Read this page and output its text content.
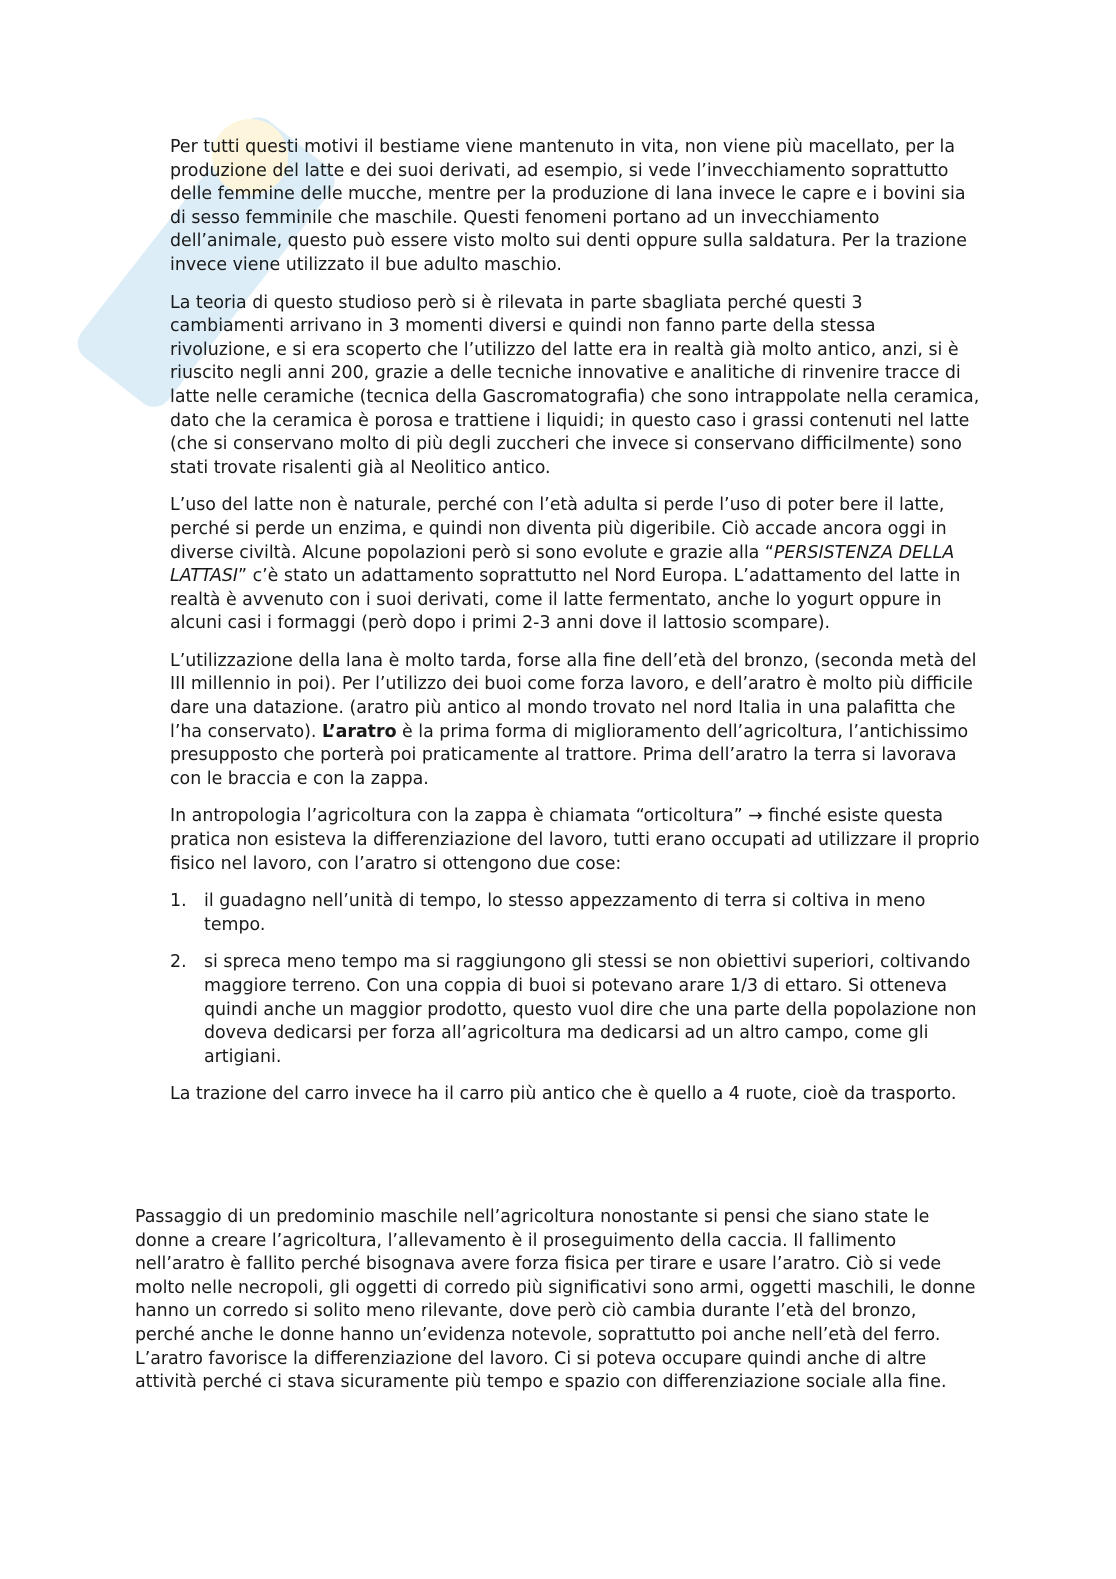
Per tutti questi motivi il bestiame viene mantenuto in vita, non viene più macellato, per la produzione del latte e dei suoi derivati, ad esempio, si vede l’invecchiamento soprattutto delle femmine delle mucche, mentre per la produzione di lana invece le capre e i bovini sia di sesso femminile che maschile. Questi fenomeni portano ad un invecchiamento dell’animale, questo può essere visto molto sui denti oppure sulla saldatura. Per la trazione invece viene utilizzato il bue adulto maschio.

La teoria di questo studioso però si è rilevata in parte sbagliata perché questi 3 cambiamenti arrivano in 3 momenti diversi e quindi non fanno parte della stessa rivoluzione, e si era scoperto che l’utilizzo del latte era in realtà già molto antico, anzi, si è riuscito negli anni 200, grazie a delle tecniche innovative e analitiche di rinvenire tracce di latte nelle ceramiche (tecnica della Gascromatografia) che sono intrappolate nella ceramica, dato che la ceramica è porosa e trattiene i liquidi; in questo caso i grassi contenuti nel latte (che si conservano molto di più degli zuccheri che invece si conservano difficilmente) sono stati trovate risalenti già al Neolitico antico.

L’uso del latte non è naturale, perché con l’età adulta si perde l’uso di poter bere il latte, perché si perde un enzima, e quindi non diventa più digeribile. Ciò accade ancora oggi in diverse civiltà. Alcune popolazioni però si sono evolute e grazie alla “PERSISTENZA DELLA LATTASI” c’è stato un adattamento soprattutto nel Nord Europa. L’adattamento del latte in realtà è avvenuto con i suoi derivati, come il latte fermentato, anche lo yogurt oppure in alcuni casi i formaggi (però dopo i primi 2-3 anni dove il lattosio scompare).

L’utilizzazione della lana è molto tarda, forse alla fine dell’età del bronzo, (seconda metà del III millennio in poi). Per l’utilizzo dei buoi come forza lavoro, e dell’aratro è molto più difficile dare una datazione. (aratro più antico al mondo trovato nel nord Italia in una palafitta che l’ha conservato). L’aratro è la prima forma di miglioramento dell’agricoltura, l’antichissimo presupposto che porterà poi praticamente al trattore. Prima dell’aratro la terra si lavorava con le braccia e con la zappa.

In antropologia l’agricoltura con la zappa è chiamata “orticoltura” → finché esiste questa pratica non esisteva la differenziazione del lavoro, tutti erano occupati ad utilizzare il proprio fisico nel lavoro, con l’aratro si ottengono due cose:

1. il guadagno nell’unità di tempo, lo stesso appezzamento di terra si coltiva in meno tempo.
2. si spreca meno tempo ma si raggiungono gli stessi se non obiettivi superiori, coltivando maggiore terreno. Con una coppia di buoi si potevano arare 1/3 di ettaro. Si otteneva quindi anche un maggior prodotto, questo vuol dire che una parte della popolazione non doveva dedicarsi per forza all’agricoltura ma dedicarsi ad un altro campo, come gli artigiani.

La trazione del carro invece ha il carro più antico che è quello a 4 ruote, cioè da trasporto.

Passaggio di un predominio maschile nell’agricoltura nonostante si pensi che siano state le donne a creare l’agricoltura, l’allevamento è il proseguimento della caccia. Il fallimento nell’aratro è fallito perché bisognava avere forza fisica per tirare e usare l’aratro. Ciò si vede molto nelle necropoli, gli oggetti di corredo più significativi sono armi, oggetti maschili, le donne hanno un corredo si solito meno rilevante, dove però ciò cambia durante l’età del bronzo, perché anche le donne hanno un’evidenza notevole, soprattutto poi anche nell’età del ferro. L’aratro favorisce la differenziazione del lavoro. Ci si poteva occupare quindi anche di altre attività perché ci stava sicuramente più tempo e spazio con differenziazione sociale alla fine.
